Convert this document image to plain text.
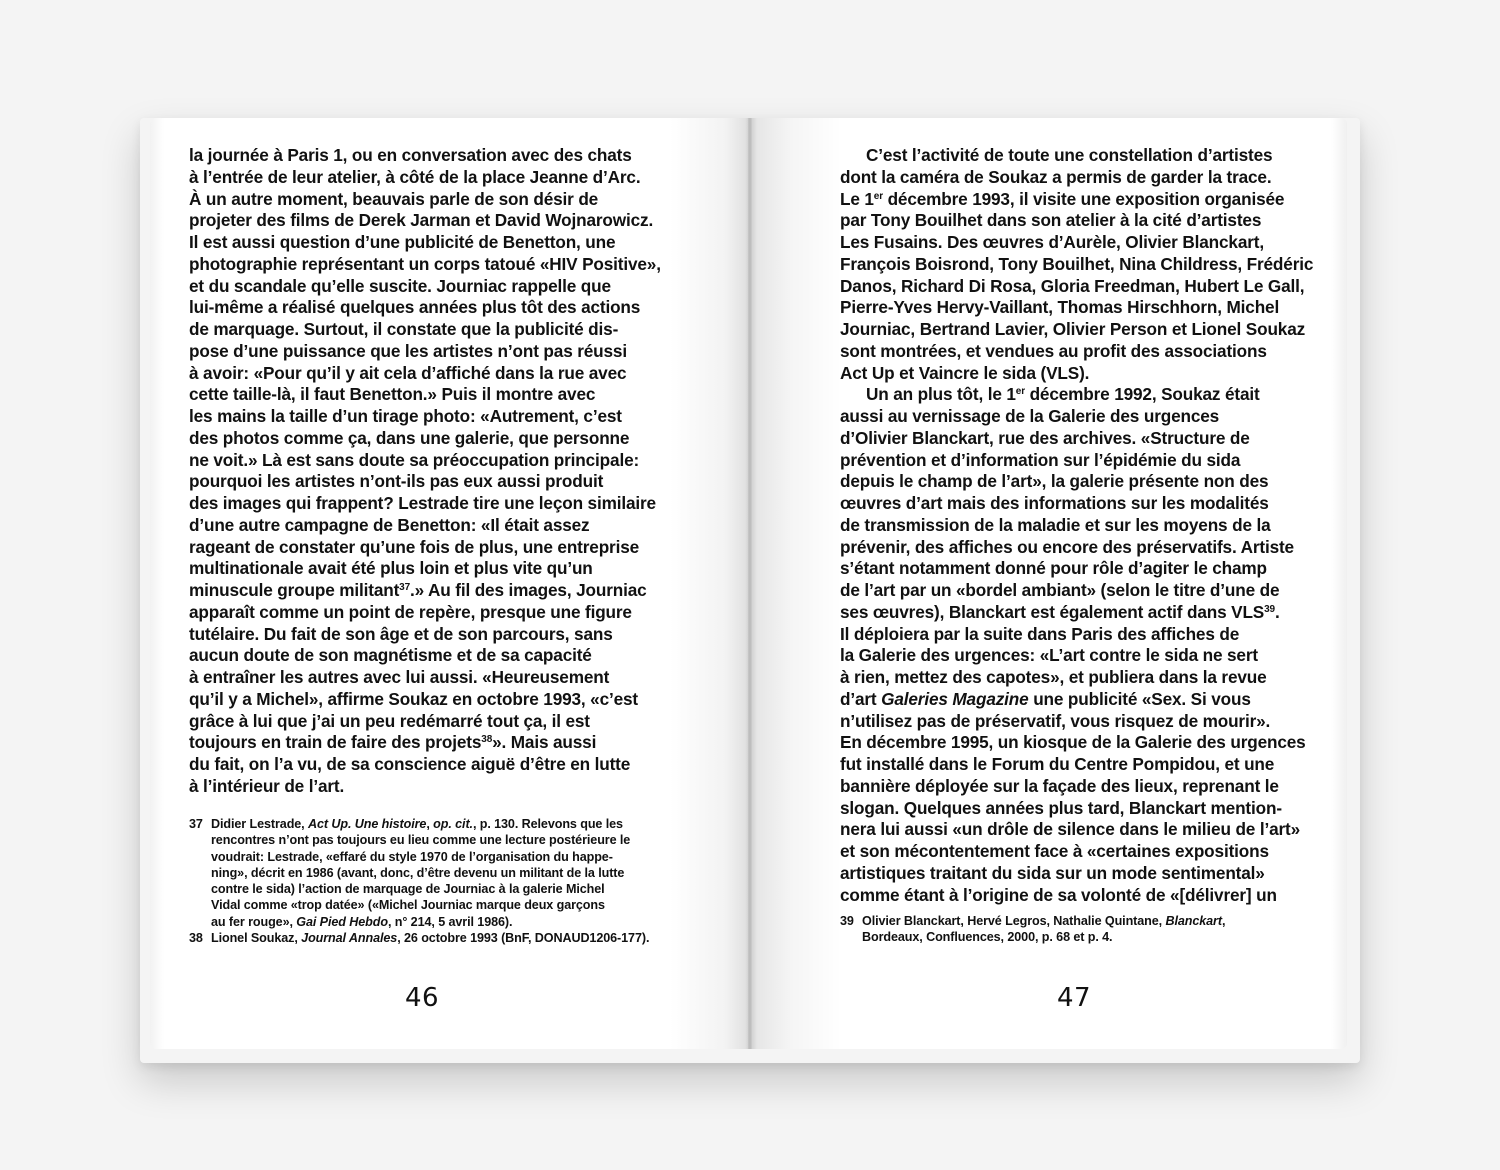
la journée à Paris 1, ou en conversation avec des chats
à l’entrée de leur atelier, à côté de la place Jeanne d’Arc.
À un autre moment, beauvais parle de son désir de
projeter des films de Derek Jarman et David Wojnarowicz.
Il est aussi question d’une publicité de Benetton, une
photographie représentant un corps tatoué «HIV Positive»,
et du scandale qu’elle suscite. Journiac rappelle que
lui-même a réalisé quelques années plus tôt des actions
de marquage. Surtout, il constate que la publicité dis-
pose d’une puissance que les artistes n’ont pas réussi
à avoir: «Pour qu’il y ait cela d’affiché dans la rue avec
cette taille-là, il faut Benetton.» Puis il montre avec
les mains la taille d’un tirage photo: «Autrement, c’est
des photos comme ça, dans une galerie, que personne
ne voit.» Là est sans doute sa préoccupation principale:
pourquoi les artistes n’ont-ils pas eux aussi produit
des images qui frappent? Lestrade tire une leçon similaire
d’une autre campagne de Benetton: «Il était assez
rageant de constater qu’une fois de plus, une entreprise
multinationale avait été plus loin et plus vite qu’un
minuscule groupe militant$^{37}$.» Au fil des images, Journiac
apparaît comme un point de repère, presque une figure
tutélaire. Du fait de son âge et de son parcours, sans
aucun doute de son magnétisme et de sa capacité
à entraîner les autres avec lui aussi. «Heureusement
qu’il y a Michel», affirme Soukaz en octobre 1993, «c’est
grâce à lui que j’ai un peu redémarré tout ça, il est
toujours en train de faire des projets$^{38}$». Mais aussi
du fait, on l’a vu, de sa conscience aiguë d’être en lutte
à l’intérieur de l’art.
37 Didier Lestrade, Act Up. Une histoire, op. cit., p. 130. Relevons que les
rencontres n’ont pas toujours eu lieu comme une lecture postérieure le
voudrait: Lestrade, «effaré du style 1970 de l’organisation du happe-
ning», décrit en 1986 (avant, donc, d’être devenu un militant de la lutte
contre le sida) l’action de marquage de Journiac à la galerie Michel
Vidal comme «trop datée» («Michel Journiac marque deux garçons
au fer rouge», Gai Pied Hebdo, n° 214, 5 avril 1986).
38 Lionel Soukaz, Journal Annales, 26 octobre 1993 (BnF, DONAUD1206-177).
46
C’est l’activité de toute une constellation d’artistes
dont la caméra de Soukaz a permis de garder la trace.
Le 1er décembre 1993, il visite une exposition organisée
par Tony Bouilhet dans son atelier à la cité d’artistes
Les Fusains. Des œuvres d’Aurèle, Olivier Blanckart,
François Boisrond, Tony Bouilhet, Nina Childress, Frédéric
Danos, Richard Di Rosa, Gloria Freedman, Hubert Le Gall,
Pierre-Yves Hervy-Vaillant, Thomas Hirschhorn, Michel
Journiac, Bertrand Lavier, Olivier Person et Lionel Soukaz
sont montrées, et vendues au profit des associations
Act Up et Vaincre le sida (VLS).
Un an plus tôt, le 1er décembre 1992, Soukaz était
aussi au vernissage de la Galerie des urgences
d’Olivier Blanckart, rue des archives. «Structure de
prévention et d’information sur l’épidémie du sida
depuis le champ de l’art», la galerie présente non des
œuvres d’art mais des informations sur les modalités
de transmission de la maladie et sur les moyens de la
prévenir, des affiches ou encore des préservatifs. Artiste
s’étant notamment donné pour rôle d’agiter le champ
de l’art par un «bordel ambiant» (selon le titre d’une de
ses œuvres), Blanckart est également actif dans VLS$^{39}$.
Il déploiera par la suite dans Paris des affiches de
la Galerie des urgences: «L’art contre le sida ne sert
à rien, mettez des capotes», et publiera dans la revue
d’art Galeries Magazine une publicité «Sex. Si vous
n’utilisez pas de préservatif, vous risquez de mourir».
En décembre 1995, un kiosque de la Galerie des urgences
fut installé dans le Forum du Centre Pompidou, et une
bannière déployée sur la façade des lieux, reprenant le
slogan. Quelques années plus tard, Blanckart mention-
nera lui aussi «un drôle de silence dans le milieu de l’art»
et son mécontentement face à «certaines expositions
artistiques traitant du sida sur un mode sentimental»
comme étant à l’origine de sa volonté de «[délivrer] un
39 Olivier Blanckart, Hervé Legros, Nathalie Quintane, Blanckart,
Bordeaux, Confluences, 2000, p. 68 et p. 4.
47
